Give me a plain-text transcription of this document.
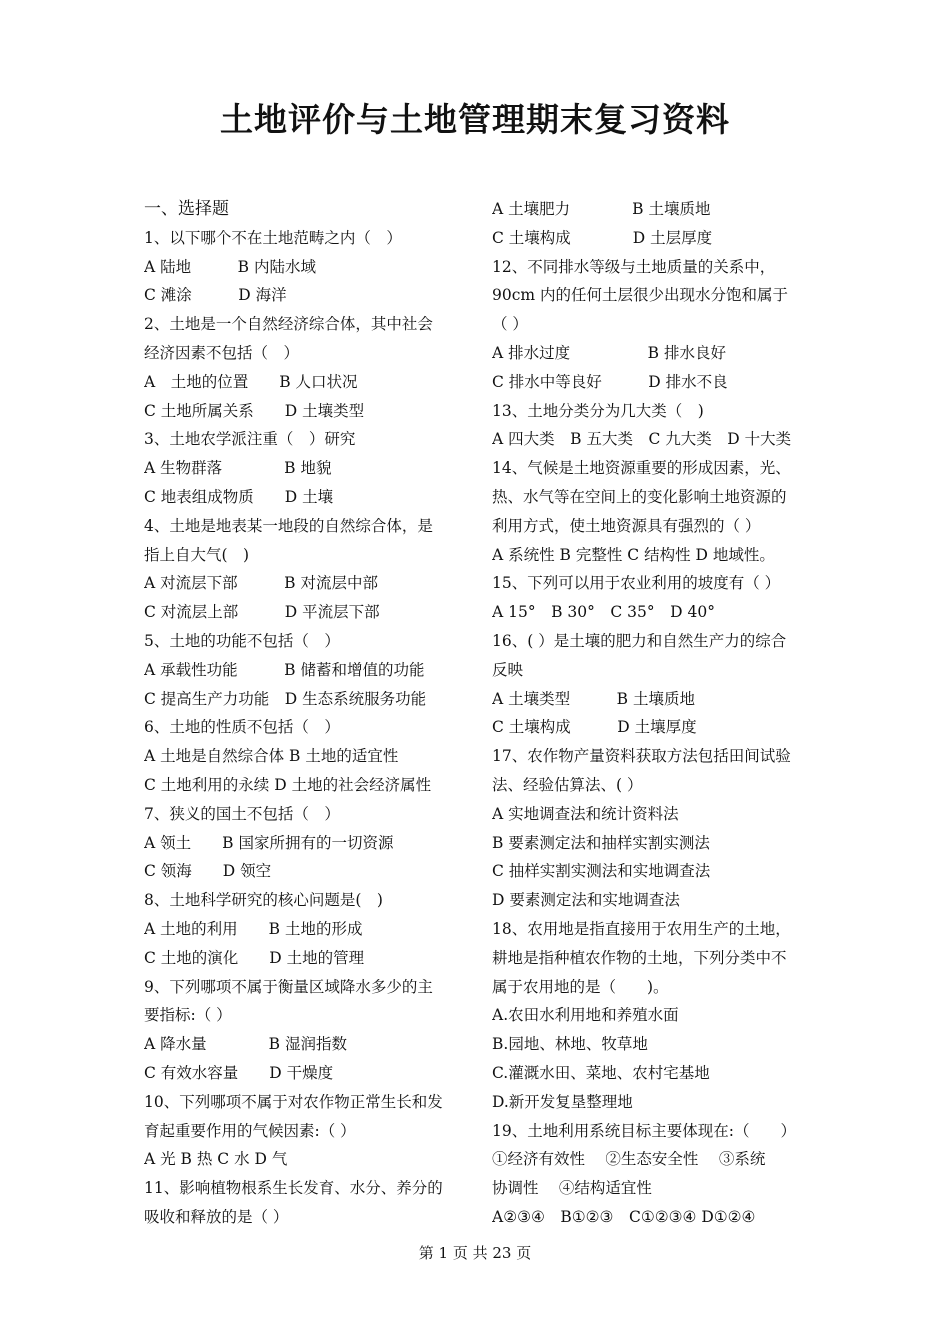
土地评价与土地管理期末复习资料
一、选择题
1、以下哪个不在土地范畴之内（　）
A 陆地　　　B 内陆水域
C 滩涂　　　D 海洋
2、土地是一个自然经济综合体，其中社会
经济因素不包括（　）
A　土地的位置　　B 人口状况
C 土地所属关系　　D 土壤类型
3、土地农学派注重（　）研究
A 生物群落　　　　B 地貌
C 地表组成物质　　D 土壤
4、土地是地表某一地段的自然综合体，是
指上自大气(　)
A 对流层下部　　　B 对流层中部
C 对流层上部　　　D 平流层下部
5、土地的功能不包括（　）
A 承载性功能　　　B 储蓄和增值的功能
C 提高生产力功能　D 生态系统服务功能
6、土地的性质不包括（　）
A 土地是自然综合体 B 土地的适宜性
C 土地利用的永续 D 土地的社会经济属性
7、狭义的国土不包括（　）
A 领土　　B 国家所拥有的一切资源
C 领海　　D 领空
8、土地科学研究的核心问题是(　)
A 土地的利用　　B 土地的形成
C 土地的演化　　D 土地的管理
9、下列哪项不属于衡量区域降水多少的主
要指标:（ ）
A 降水量　　　　B 湿润指数
C 有效水容量　　D 干燥度
10、下列哪项不属于对农作物正常生长和发
育起重要作用的气候因素:（ ）
A 光 B 热 C 水 D 气
11、影响植物根系生长发育、水分、养分的
吸收和释放的是（ ）
A 土壤肥力　　　　B 土壤质地
C 土壤构成　　　　D 土层厚度
12、不同排水等级与土地质量的关系中，
90cm 内的任何土层很少出现水分饱和属于
（ ）
A 排水过度　　　　　B 排水良好
C 排水中等良好　　　D 排水不良
13、土地分类分为几大类（　)
A 四大类　B 五大类　C 九大类　D 十大类
14、气候是土地资源重要的形成因素，光、
热、水气等在空间上的变化影响土地资源的
利用方式，使土地资源具有强烈的（ ）
A 系统性 B 完整性 C 结构性 D 地域性。
15、下列可以用于农业利用的坡度有（ ）
A 15°　B 30°　C 35°　D 40°
16、( ）是土壤的肥力和自然生产力的综合
反映
A 土壤类型　　　B 土壤质地
C 土壤构成　　　D 土壤厚度
17、农作物产量资料获取方法包括田间试验
法、经验估算法、( ）
A 实地调查法和统计资料法
B 要素测定法和抽样实割实测法
C 抽样实割实测法和实地调查法
D 要素测定法和实地调查法
18、农用地是指直接用于农用生产的土地，
耕地是指种植农作物的土地，下列分类中不
属于农用地的是（　　)。
A.农田水利用地和养殖水面
B.园地、林地、牧草地
C.灌溉水田、菜地、农村宅基地
D.新开发复垦整理地
19、土地利用系统目标主要体现在:（　　）
①经济有效性　 ②生态安全性　 ③系统
协调性　 ④结构适宜性
A②③④　B①②③　C①②③④ D①②④
第 1 页 共 23 页
